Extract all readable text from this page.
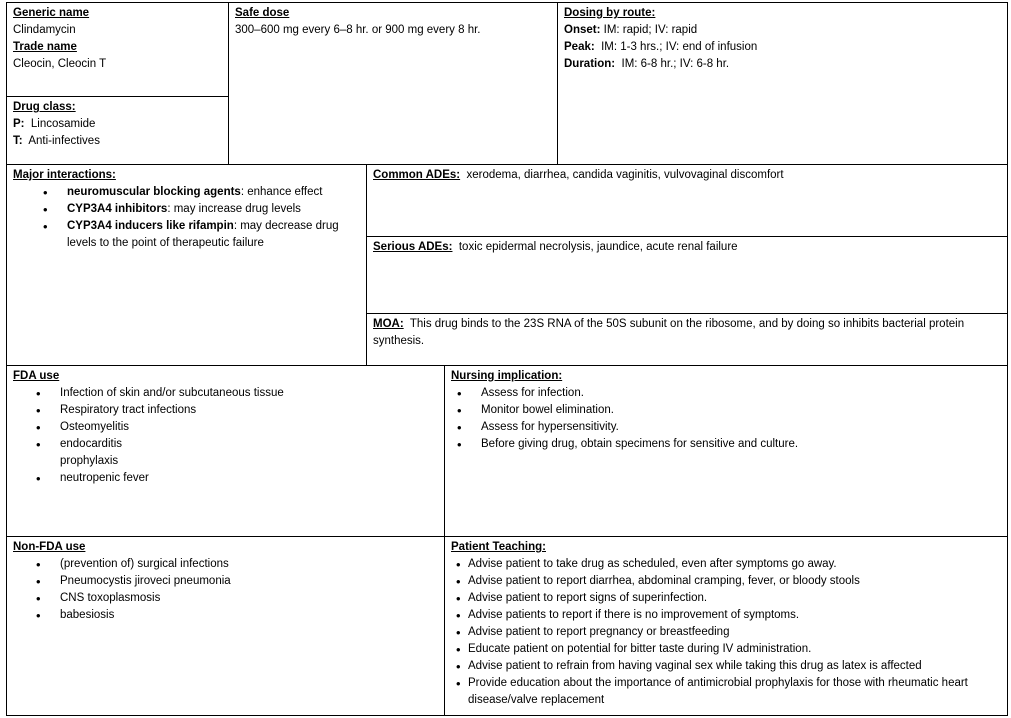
Generic name
Clindamycin
Trade name
Cleocin, Cleocin T
Drug class:
P: Lincosamide
T: Anti-infectives
Safe dose
300–600 mg every 6–8 hr. or 900 mg every 8 hr.
Dosing by route:
Onset: IM: rapid; IV: rapid
Peak: IM: 1-3 hrs.; IV: end of infusion
Duration: IM: 6-8 hr.; IV: 6-8 hr.
Major interactions:
• neuromuscular blocking agents: enhance effect
• CYP3A4 inhibitors: may increase drug levels
• CYP3A4 inducers like rifampin: may decrease drug levels to the point of therapeutic failure
Common ADEs: xerodema, diarrhea, candida vaginitis, vulvovaginal discomfort
Serious ADEs: toxic epidermal necrolysis, jaundice, acute renal failure
MOA: This drug binds to the 23S RNA of the 50S subunit on the ribosome, and by doing so inhibits bacterial protein synthesis.
FDA use
• Infection of skin and/or subcutaneous tissue
• Respiratory tract infections
• Osteomyelitis
• endocarditis
prophylaxis
• neutropenic fever
Nursing implication:
• Assess for infection.
• Monitor bowel elimination.
• Assess for hypersensitivity.
• Before giving drug, obtain specimens for sensitive and culture.
Non-FDA use
• (prevention of) surgical infections
• Pneumocystis jiroveci pneumonia
• CNS toxoplasmosis
• babesiosis
Patient Teaching:
• Advise patient to take drug as scheduled, even after symptoms go away.
• Advise patient to report diarrhea, abdominal cramping, fever, or bloody stools
• Advise patient to report signs of superinfection.
• Advise patients to report if there is no improvement of symptoms.
• Advise patient to report pregnancy or breastfeeding
• Educate patient on potential for bitter taste during IV administration.
• Advise patient to refrain from having vaginal sex while taking this drug as latex is affected
• Provide education about the importance of antimicrobial prophylaxis for those with rheumatic heart disease/valve replacement
